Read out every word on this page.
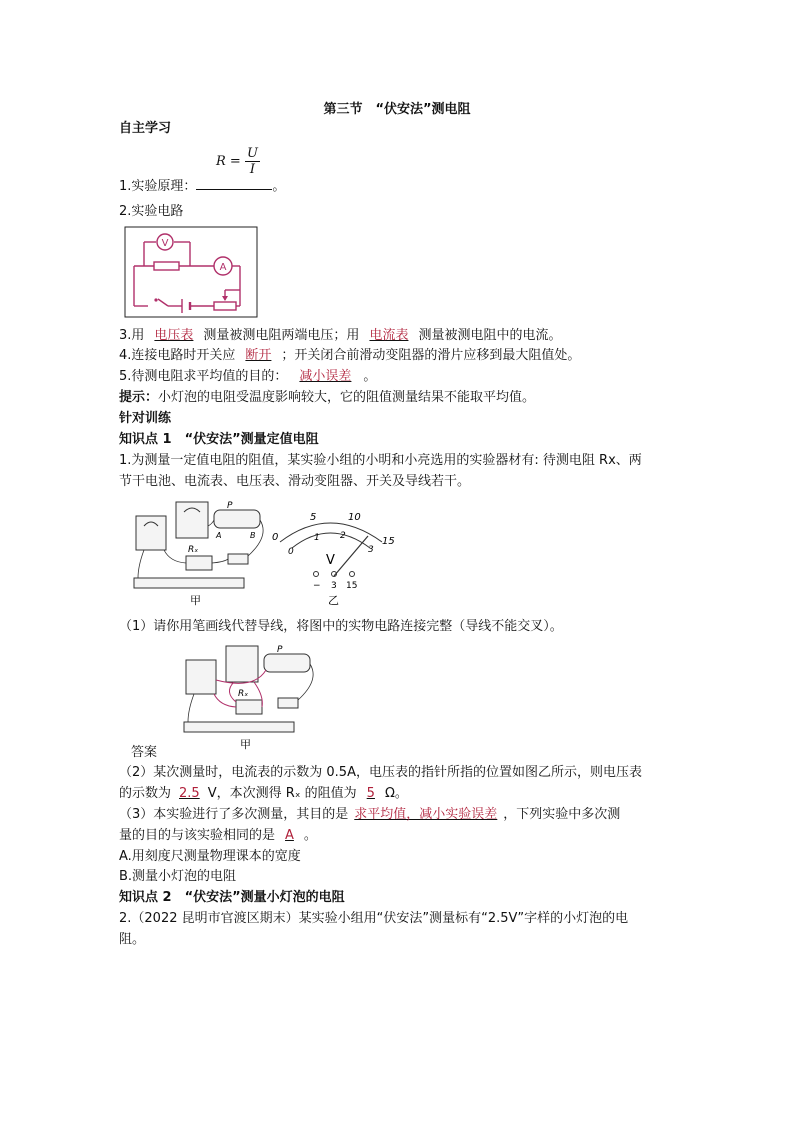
第三节　“伏安法”测电阻
自主学习
$R = \frac{U}{I}$
1.实验原理：	。
2.实验电路
V
A
3.用 电压表 测量被测电阻两端电压；用 电流表 测量被测电阻中的电流。
4.连接电路时开关应 断开 ；开关闭合前滑动变阻器的滑片应移到最大阻值处。
5.待测电阻求平均值的目的： 减小误差 。
提示：小灯泡的电阻受温度影响较大，它的阻值测量结果不能取平均值。
针对训练
知识点 1　“伏安法”测量定值电阻
1.为测量一定值电阻的阻值，某实验小组的小明和小亮选用的实验器材有: 待测电阻 Rx、两
节干电池、电流表、电压表、滑动变阻器、开关及导线若干。
P
A	B
Rₓ
甲
5	10
0	15
0
1 2
3
V
− 3 15
乙
（1）请你用笔画线代替导线，将图中的实物电路连接完整（导线不能交叉）。
P
Rₓ
甲
答案
（2）某次测量时，电流表的示数为 0.5A，电压表的指针所指的位置如图乙所示，则电压表
的示数为 2.5 V，本次测得 Rₓ 的阻值为 5 Ω。
（3）本实验进行了多次测量，其目的是 求平均值，减小实验误差 ，下列实验中多次测
量的目的与该实验相同的是 A 。
A.用刻度尺测量物理课本的宽度
B.测量小灯泡的电阻
知识点 2　“伏安法”测量小灯泡的电阻
2.（2022 昆明市官渡区期末）某实验小组用“伏安法”测量标有“2.5V”字样的小灯泡的电
阻。
